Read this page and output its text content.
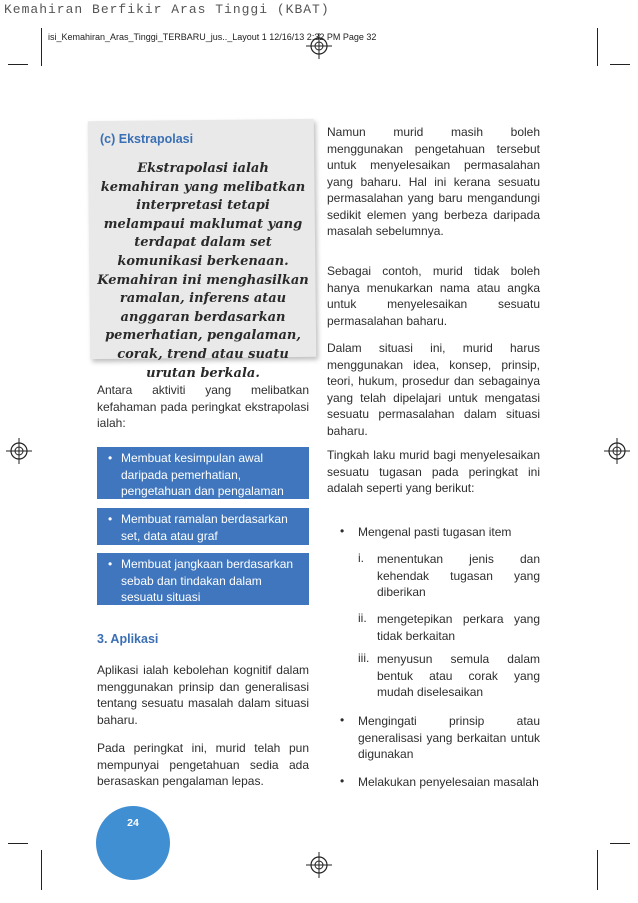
Kemahiran Berfikir Aras Tinggi (KBAT)
isi_Kemahiran_Aras_Tinggi_TERBARU_jus.._Layout 1 12/16/13 2:32 PM Page 32
(c) Ekstrapolasi
Ekstrapolasi ialah kemahiran yang melibatkan interpretasi tetapi melampaui maklumat yang terdapat dalam set komunikasi berkenaan. Kemahiran ini menghasilkan ramalan, inferens atau anggaran berdasarkan pemerhatian, pengalaman, corak, trend atau suatu urutan berkala.
Antara aktiviti yang melibatkan kefahaman pada peringkat ekstrapolasi ialah:
• Membuat kesimpulan awal daripada pemerhatian, pengetahuan dan pengalaman
• Membuat ramalan berdasarkan set, data atau graf
• Membuat jangkaan berdasarkan sebab dan tindakan dalam sesuatu situasi
3. Aplikasi
Aplikasi ialah kebolehan kognitif dalam menggunakan prinsip dan generalisasi tentang sesuatu masalah dalam situasi baharu.
Pada peringkat ini, murid telah pun mempunyai pengetahuan sedia ada berasaskan pengalaman lepas.
Namun murid masih boleh menggunakan pengetahuan tersebut untuk menyelesaikan permasalahan yang baharu. Hal ini kerana sesuatu permasalahan yang baru mengandungi sedikit elemen yang berbeza daripada masalah sebelumnya.
Sebagai contoh, murid tidak boleh hanya menukarkan nama atau angka untuk menyelesaikan sesuatu permasalahan baharu.
Dalam situasi ini, murid harus menggunakan idea, konsep, prinsip, teori, hukum, prosedur dan sebagainya yang telah dipelajari untuk mengatasi sesuatu permasalahan dalam situasi baharu.
Tingkah laku murid bagi menyelesaikan sesuatu tugasan pada peringkat ini adalah seperti yang berikut:
• Mengenal pasti tugasan item
i. menentukan jenis dan kehendak tugasan yang diberikan
ii. mengetepikan perkara yang tidak berkaitan
iii. menyusun semula dalam bentuk atau corak yang mudah diselesaikan
• Mengingati prinsip atau generalisasi yang berkaitan untuk digunakan
• Melakukan penyelesaian masalah
24
